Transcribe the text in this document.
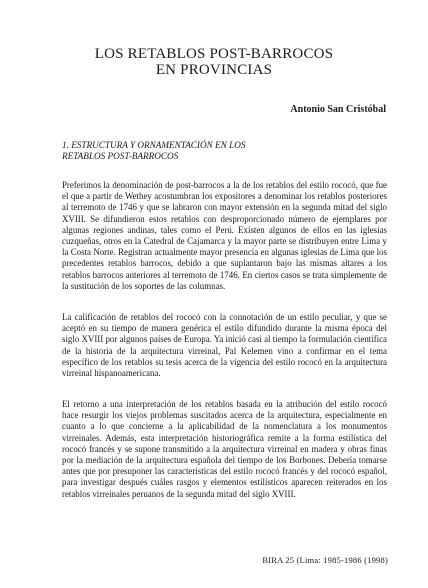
LOS RETABLOS POST-BARROCOS
EN PROVINCIAS
Antonio San Cristóbal
1. ESTRUCTURA Y ORNAMENTACIÓN EN LOS
RETABLOS POST-BARROCOS

Preferimos la denominación de post-barrocos a la de los retablos del estilo rococó, que fue el que a partir de Wethey acostumbran los expositores a denominar los retablos posteriores al terremoto de 1746 y que se labraron con mayor extensión en la segunda mitad del siglo XVIII. Se difundieron estos retablos con desproporcionado número de ejemplares por algunas regiones andinas, tales como el Perú. Existen algunos de ellos en las iglesias cuzqueñas, otros en la Catedral de Cajamarca y la mayor parte se distribuyen entre Lima y la Costa Norte. Registran actualmente mayor presencia en algunas iglesias de Lima que los precedentes retablos barrocos, debido a que suplantaron bajo las mismas altares a los retablos barrocos anteriores al terremoto de 1746. En ciertos casos se trata simplemente de la sustitución de los soportes de las columnas.

La calificación de retablos del rococó con la connotación de un estilo peculiar, y que se aceptó en su tiempo de manera genérica el estilo difundido durante la misma época del siglo XVIII por algunos países de Europa. Ya inició casi al tiempo la formulación científica de la historia de la arquitectura virreinal, Pal Kelemen vino a confirmar en el tema específico de los retablos su tesis acerca de la vigencia del estilo rococó en la arquitectura virreinal hispanoamericana.

El retorno a una interpretación de los retablos basada en la atribución del estilo rococó hace resurgir los viejos problemas suscitados acerca de la arquitectura, especialmente en cuanto a lo que concierne a la aplicabilidad de la nomenclatura a los monumentos virreinales. Además, esta interpretación historiográfica remite a la forma estilística del rococó francés y se supone transmitido a la arquitectura virreinal en madera y obras finas por la mediación de la arquitectura española del tiempo de los Borbones. Debería tomarse antes que por presuponer las características del estilo rococó francés y del rococó español, para investigar después cuáles rasgos y elementos estilísticos aparecen reiterados en los retablos virreinales peruanos de la segunda mitad del siglo XVIII.

BIRA 25 (Lima: 1985-1986 (1998)
